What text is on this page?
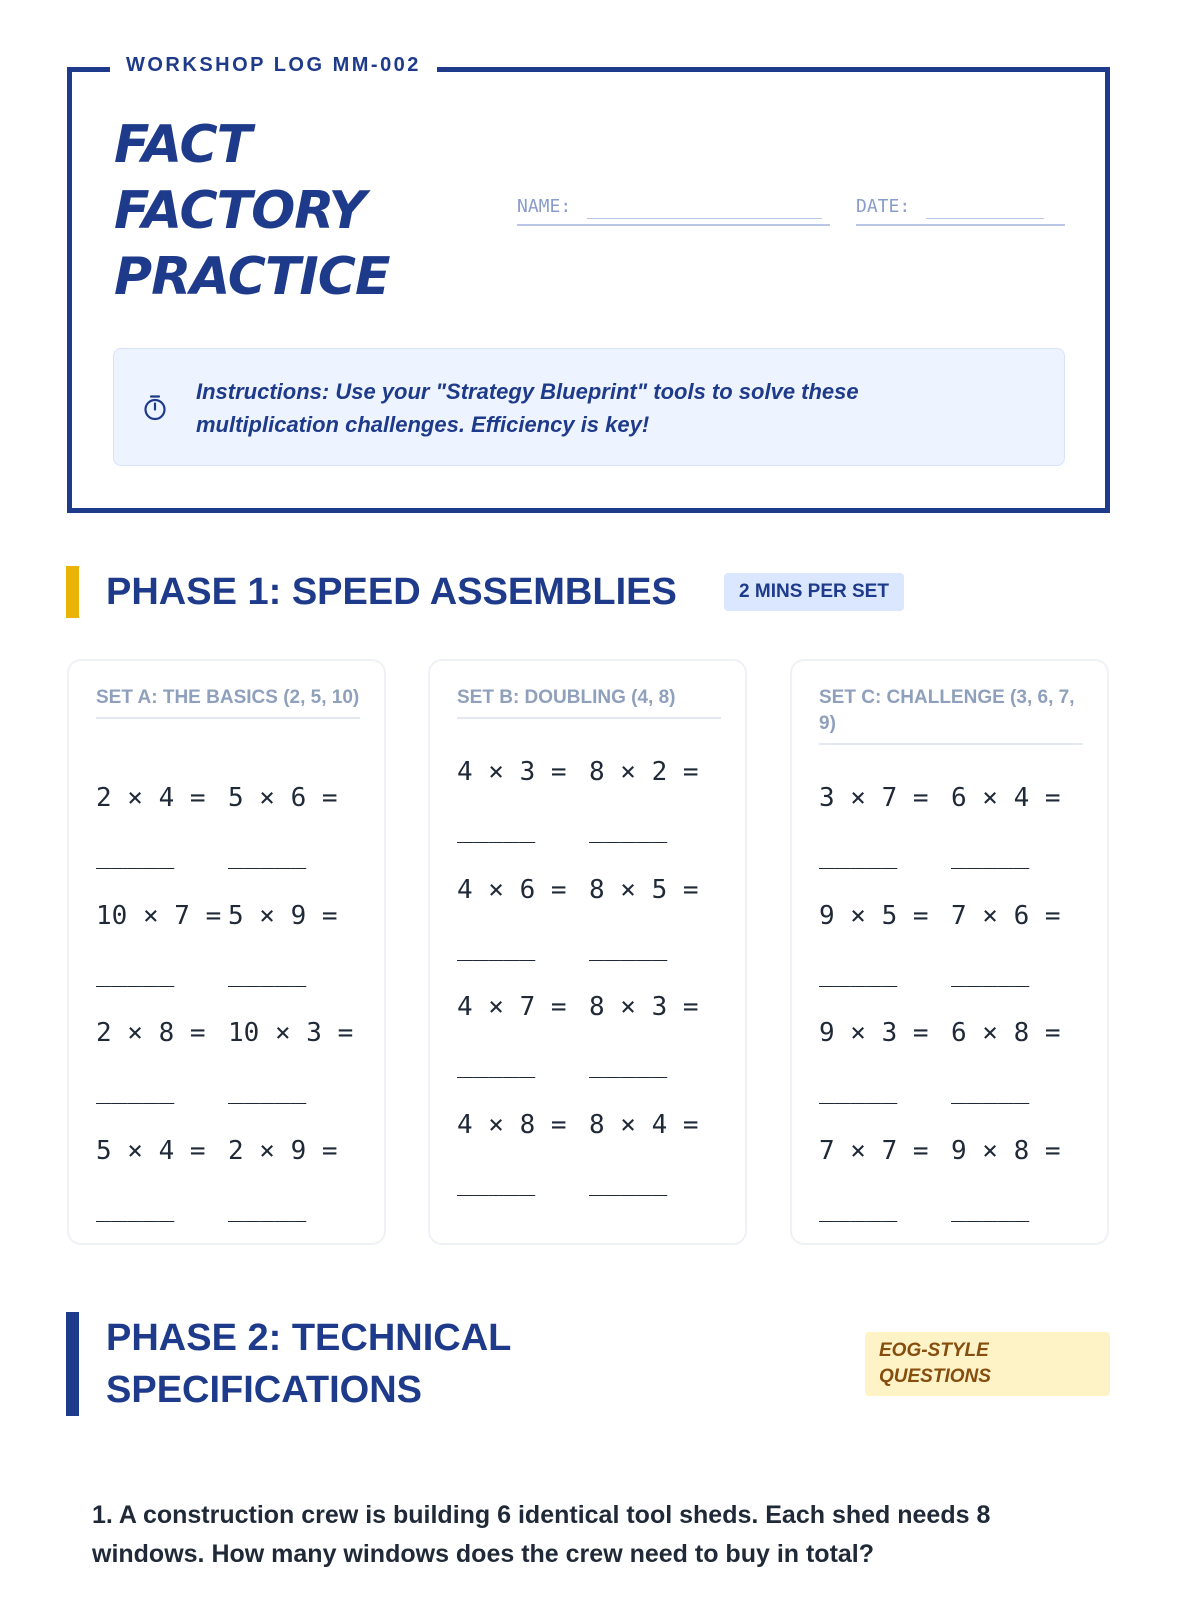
WORKSHOP LOG MM-002
FACT
FACTORY
PRACTICE
NAME:	DATE:
Instructions: Use your "Strategy Blueprint" tools to solve these multiplication challenges. Efficiency is key!
PHASE 1: SPEED ASSEMBLIES	2 MINS PER SET
SET A: THE BASICS (2, 5, 10)
2 × 4 = _____
5 × 6 = _____
10 × 7 = _____
5 × 9 = _____
2 × 8 = _____
10 × 3 = _____
5 × 4 = _____
2 × 9 = _____
SET B: DOUBLING (4, 8)
4 × 3 = _____
8 × 2 = _____
4 × 6 = _____
8 × 5 = _____
4 × 7 = _____
8 × 3 = _____
4 × 8 = _____
8 × 4 = _____
SET C: CHALLENGE (3, 6, 7, 9)
3 × 7 = _____
6 × 4 = _____
9 × 5 = _____
7 × 6 = _____
9 × 3 = _____
6 × 8 = _____
7 × 7 = _____
9 × 8 = _____
PHASE 2: TECHNICAL
SPECIFICATIONS
EOG-STYLE
QUESTIONS

1. A construction crew is building 6 identical tool sheds. Each shed needs 8 windows. How many windows does the crew need to buy in total?
